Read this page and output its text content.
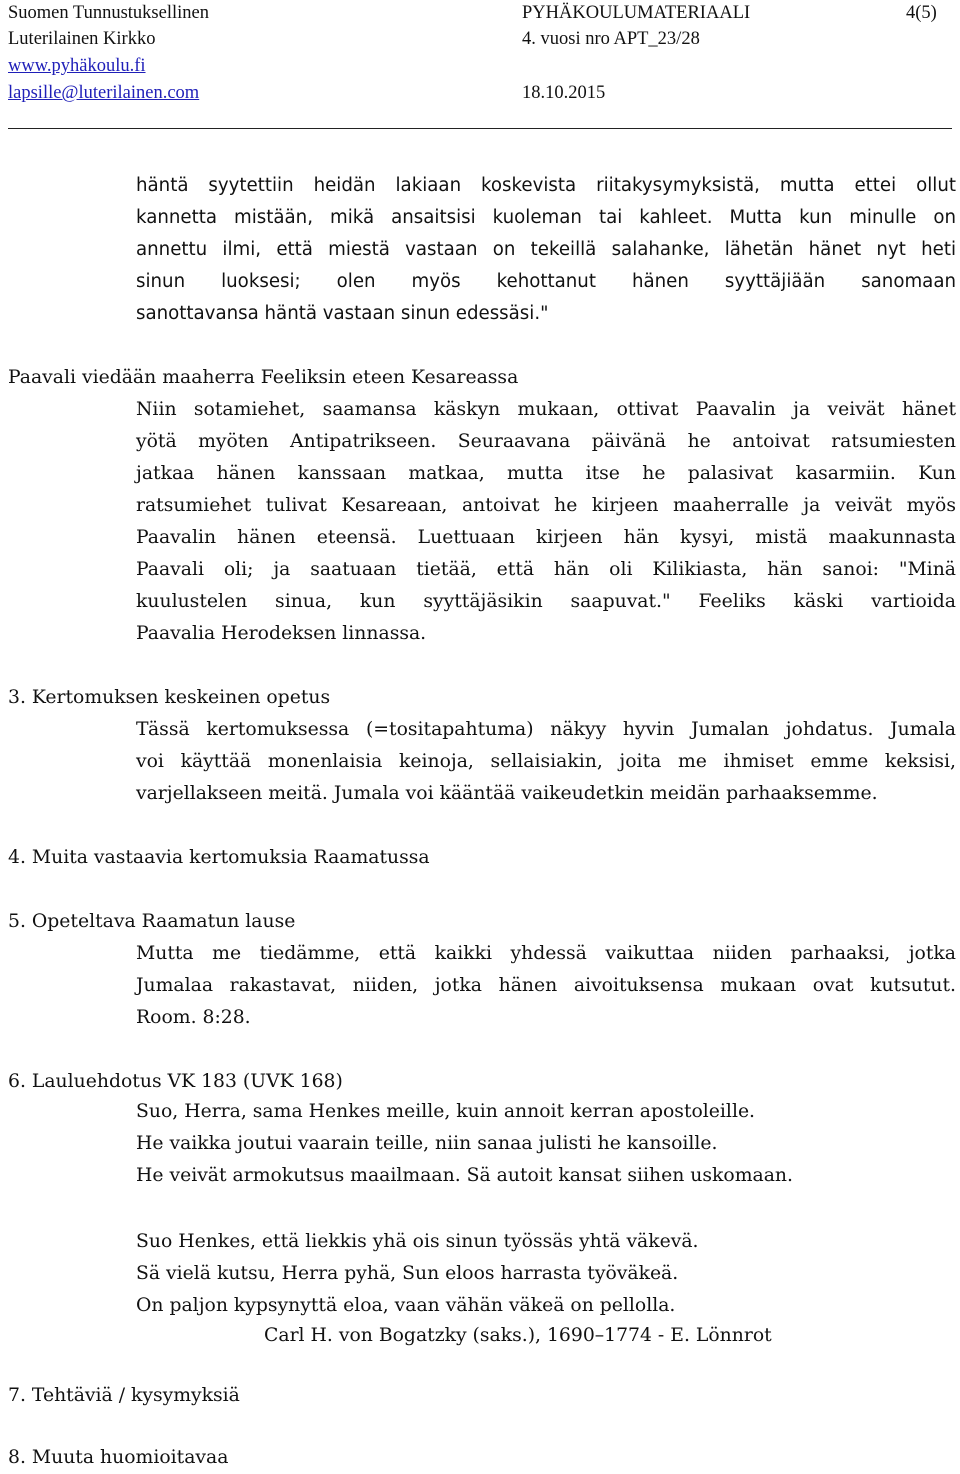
Suomen Tunnustuksellinen
Luterilainen Kirkko
www.pyhäkoulu.fi
lapsille@luterilainen.com
PYHÄKOULUMATERIAALI
4. vuosi nro APT_23/28
18.10.2015
4(5)
häntä syytettiin heidän lakiaan koskevista riitakysymyksistä, mutta ettei ollut
kannetta mistään, mikä ansaitsisi kuoleman tai kahleet. Mutta kun minulle on
annettu ilmi, että miestä vastaan on tekeillä salahanke, lähetän hänet nyt heti
sinun luoksesi; olen myös kehottanut hänen syyttäjiään sanomaan
sanottavansa häntä vastaan sinun edessäsi."
Paavali viedään maaherra Feeliksin eteen Kesareassa
Niin sotamiehet, saamansa käskyn mukaan, ottivat Paavalin ja veivät hänet
yötä myöten Antipatrikseen. Seuraavana päivänä he antoivat ratsumiesten
jatkaa hänen kanssaan matkaa, mutta itse he palasivat kasarmiin. Kun
ratsumiehet tulivat Kesareaan, antoivat he kirjeen maaherralle ja veivät myös
Paavalin hänen eteensä. Luettuaan kirjeen hän kysyi, mistä maakunnasta
Paavali oli; ja saatuaan tietää, että hän oli Kilikiasta, hän sanoi: "Minä
kuulustelen sinua, kun syyttäjäsikin saapuvat." Feeliks käski vartioida
Paavalia Herodeksen linnassa.
3. Kertomuksen keskeinen opetus
Tässä kertomuksessa (=tositapahtuma) näkyy hyvin Jumalan johdatus. Jumala
voi käyttää monenlaisia keinoja, sellaisiakin, joita me ihmiset emme keksisi,
varjellakseen meitä. Jumala voi kääntää vaikeudetkin meidän parhaaksemme.
4. Muita vastaavia kertomuksia Raamatussa
5. Opeteltava Raamatun lause
Mutta me tiedämme, että kaikki yhdessä vaikuttaa niiden parhaaksi, jotka
Jumalaa rakastavat, niiden, jotka hänen aivoituksensa mukaan ovat kutsutut.
Room. 8:28.
6. Lauluehdotus VK 183 (UVK 168)
Suo, Herra, sama Henkes meille, kuin annoit kerran apostoleille.
He vaikka joutui vaarain teille, niin sanaa julisti he kansoille.
He veivät armokutsus maailmaan. Sä autoit kansat siihen uskomaan.
Suo Henkes, että liekkis yhä ois sinun työssäs yhtä väkevä.
Sä vielä kutsu, Herra pyhä, Sun eloos harrasta työväkeä.
On paljon kypsynyttä eloa, vaan vähän väkeä on pellolla.
Carl H. von Bogatzky (saks.), 1690–1774 - E. Lönnrot
7. Tehtäviä / kysymyksiä
8. Muuta huomioitavaa
